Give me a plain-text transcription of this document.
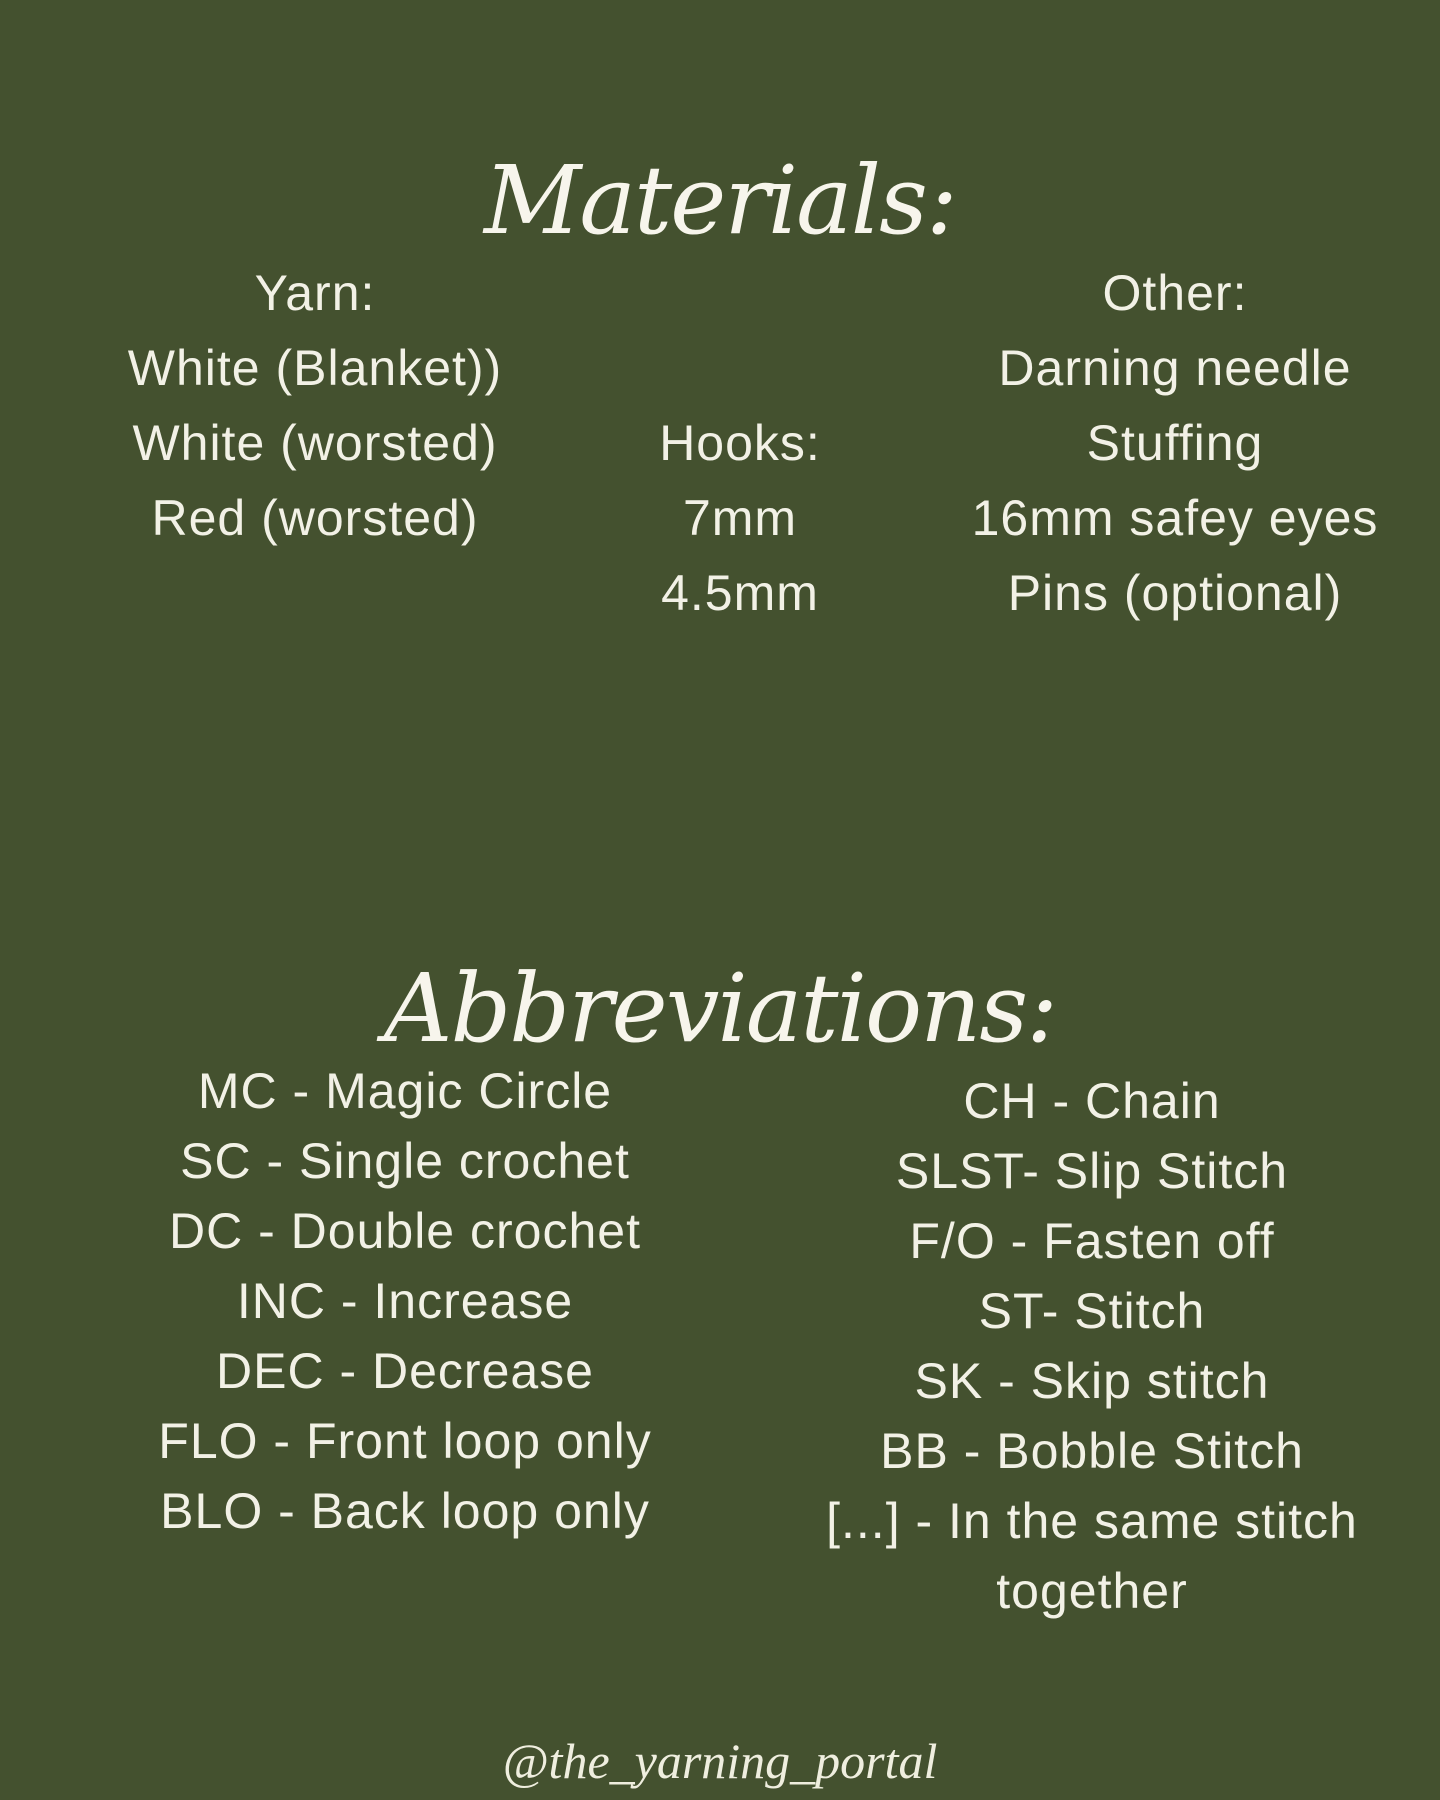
Materials:
Yarn:
White (Blanket))
White (worsted)
Red (worsted)
Hooks:
7mm
4.5mm
Other:
Darning needle
Stuffing
16mm safey eyes
Pins (optional)
Abbreviations:
MC - Magic Circle
SC - Single crochet
DC - Double crochet
INC - Increase
DEC - Decrease
FLO - Front loop only
BLO - Back loop only
CH - Chain
SLST- Slip Stitch
F/O - Fasten off
ST- Stitch
SK - Skip stitch
BB - Bobble Stitch
[...] - In the same stitch together
@the_yarning_portal
